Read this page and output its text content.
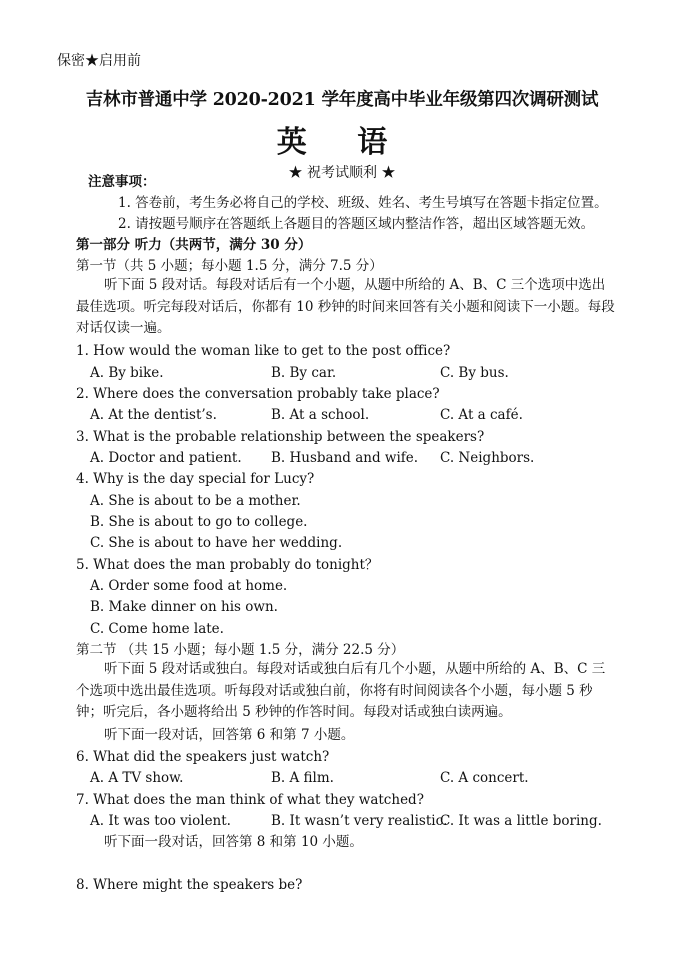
保密★启用前
吉林市普通中学 2020-2021 学年度高中毕业年级第四次调研测试
英 语
★ 祝考试顺利 ★
注意事项：
1. 答卷前，考生务必将自己的学校、班级、姓名、考生号填写在答题卡指定位置。
2. 请按题号顺序在答题纸上各题目的答题区域内整洁作答，超出区域答题无效。
第一部分 听力（共两节，满分 30 分）
第一节（共 5 小题；每小题 1.5 分，满分 7.5 分）
听下面 5 段对话。每段对话后有一个小题，从题中所给的 A、B、C 三个选项中选出最佳选项。听完每段对话后，你都有 10 秒钟的时间来回答有关小题和阅读下一小题。每段对话仅读一遍。
1. How would the woman like to get to the post office?
A. By bike.	B. By car.	C. By bus.
2. Where does the conversation probably take place?
A. At the dentist’s.	B. At a school.	C. At a café.
3. What is the probable relationship between the speakers?
A. Doctor and patient. B. Husband and wife. C. Neighbors.
4. Why is the day special for Lucy?
A. She is about to be a mother.
B. She is about to go to college.
C. She is about to have her wedding.
5. What does the man probably do tonight？
A. Order some food at home.
B. Make dinner on his own.
C. Come home late.
第二节 （共 15 小题；每小题 1.5 分，满分 22.5 分）
听下面 5 段对话或独白。每段对话或独白后有几个小题，从题中所给的 A、B、C 三个选项中选出最佳选项。听每段对话或独白前，你将有时间阅读各个小题，每小题 5 秒钟；听完后，各小题将给出 5 秒钟的作答时间。每段对话或独白读两遍。
听下面一段对话，回答第 6 和第 7 小题。
6. What did the speakers just watch?
A. A TV show.	B. A film.	C. A concert.
7. What does the man think of what they watched?
A. It was too violent.	B. It wasn’t very realistic.
C. It was a little boring.
听下面一段对话，回答第 8 和第 10 小题。
8. Where might the speakers be?
